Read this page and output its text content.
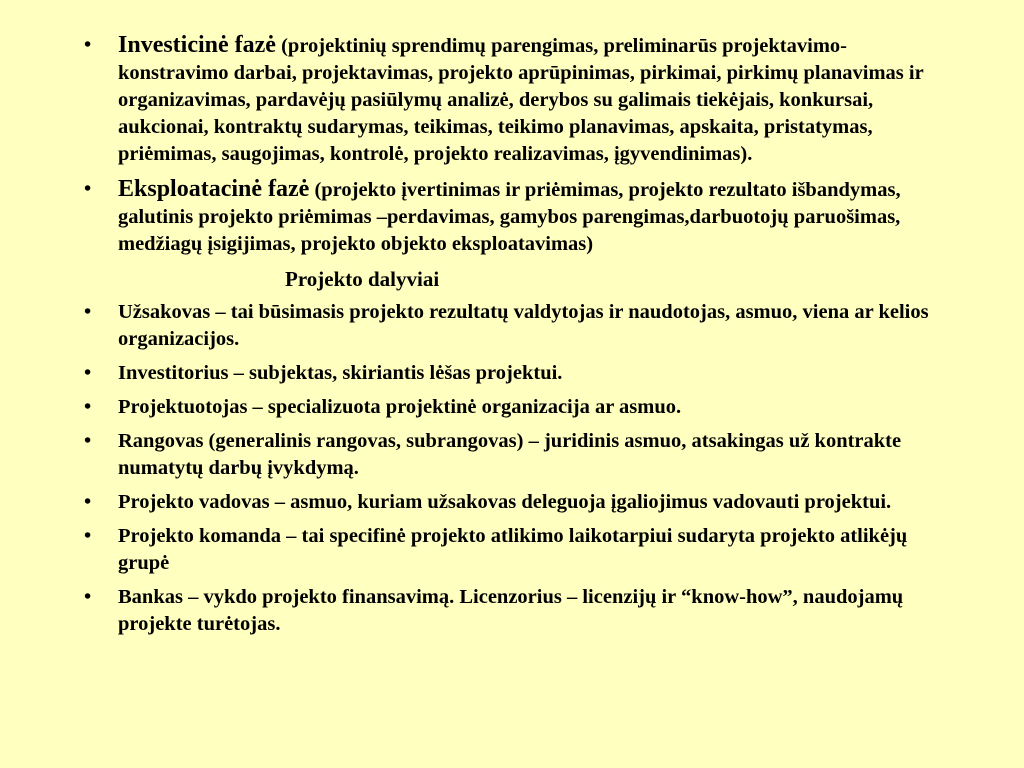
• Investicinė fazė (projektinių sprendimų parengimas, preliminarūs projektavimo- konstravimo darbai, projektavimas, projekto aprūpinimas, pirkimai, pirkimų planavimas ir organizavimas, pardavėjų pasiūlymų analizė, derybos su galimais tiekėjais, konkursai, aukcionai, kontraktų sudarymas, teikimas, teikimo planavimas, apskaita, pristatymas, priėmimas, saugojimas, kontrolė, projekto realizavimas, įgyvendinimas).
• Eksploatacinė fazė (projekto įvertinimas ir priėmimas, projekto rezultato išbandymas, galutinis projekto priėmimas –perdavimas, gamybos parengimas,darbuotojų paruošimas, medžiagų įsigijimas, projekto objekto eksploatavimas)
Projekto dalyviai
• Užsakovas – tai būsimasis projekto rezultatų valdytojas ir naudotojas, asmuo, viena ar kelios organizacijos.
• Investitorius – subjektas, skiriantis lėšas projektui.
• Projektuotojas – specializuota projektinė organizacija ar asmuo.
• Rangovas (generalinis rangovas, subrangovas) – juridinis asmuo, atsakingas už kontrakte numatytų darbų įvykdymą.
• Projekto vadovas – asmuo, kuriam užsakovas deleguoja įgaliojimus vadovauti projektui.
• Projekto komanda – tai specifinė projekto atlikimo laikotarpiui sudaryta projekto atlikėjų grupė
• Bankas – vykdo projekto finansavimą. Licenzorius – licenzijų ir “know-how”, naudojamų projekte turėtojas.
